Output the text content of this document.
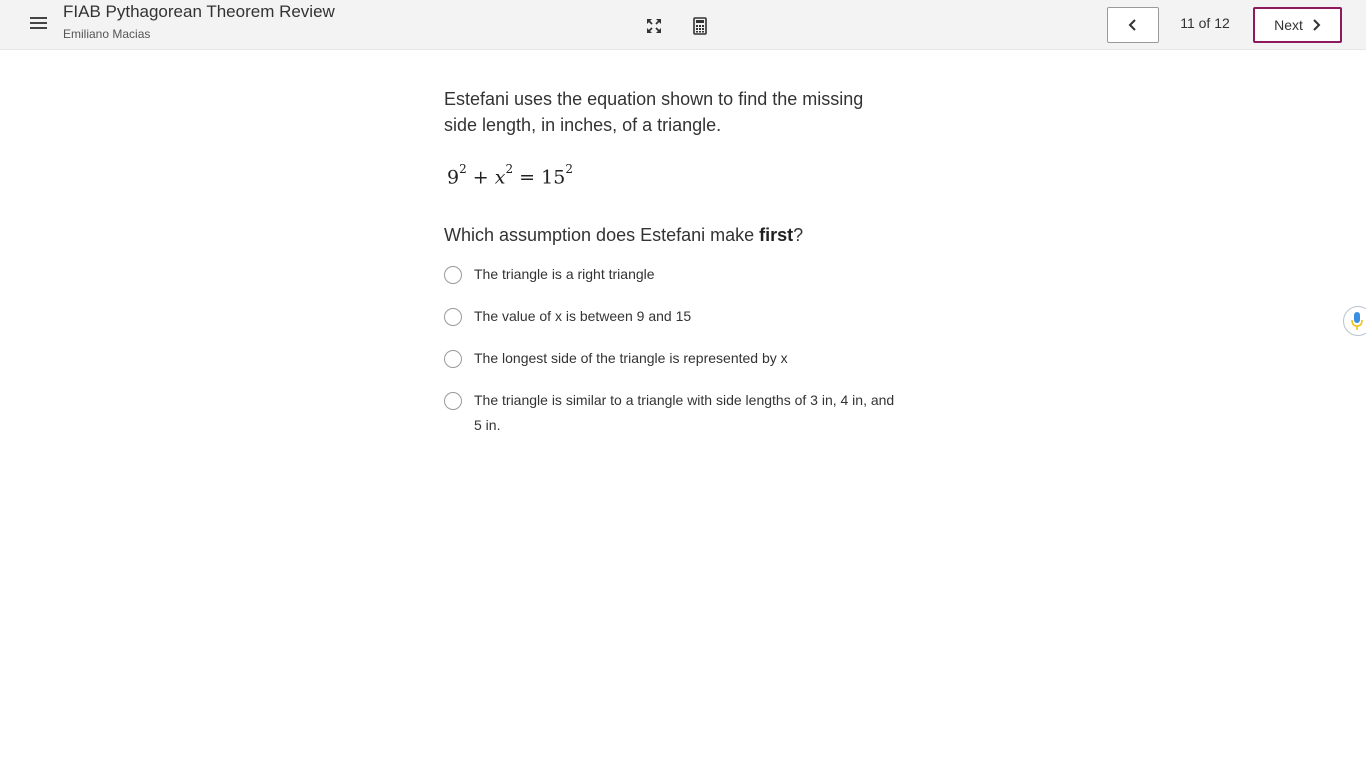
FIAB Pythagorean Theorem Review
Emiliano Macias
11 of 12	Next

Estefani uses the equation shown to find the missing side length, in inches, of a triangle.

$9^2 + x^2 = 15^2$

Which assumption does Estefani make first?

The triangle is a right triangle
The value of x is between 9 and 15
The longest side of the triangle is represented by x
The triangle is similar to a triangle with side lengths of 3 in, 4 in, and 5 in.
